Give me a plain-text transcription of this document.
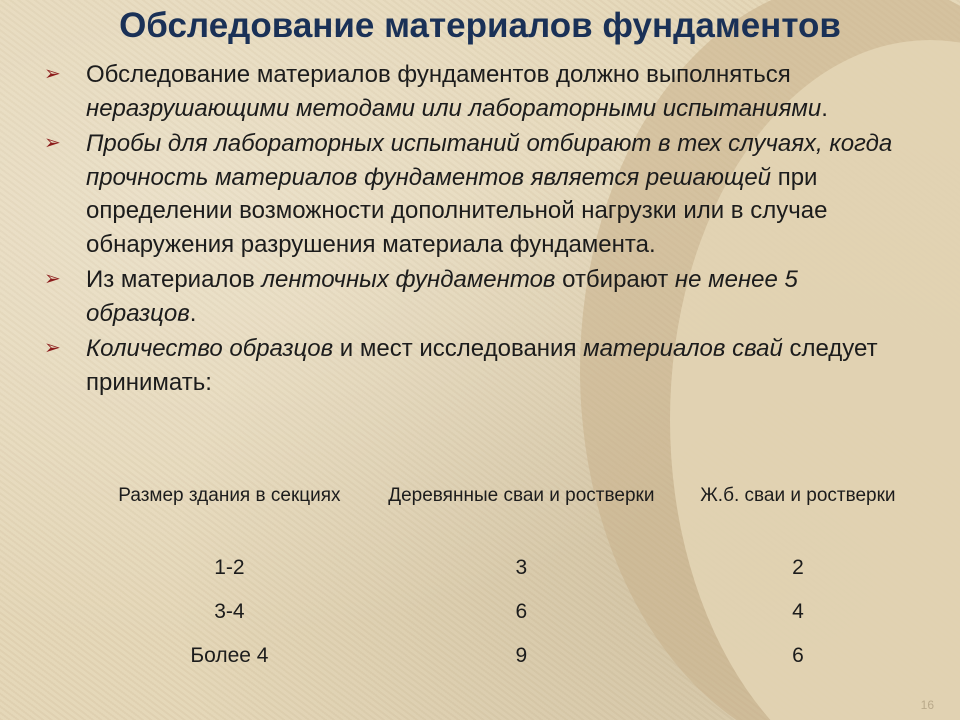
Обследование материалов фундаментов
➢ Обследование материалов фундаментов должно выполняться неразрушающими методами или лабораторными испытаниями.
➢ Пробы для лабораторных испытаний отбирают в тех случаях, когда прочность материалов фундаментов является решающей при определении возможности дополнительной нагрузки или в случае обнаружения разрушения материала фундамента.
➢ Из материалов ленточных фундаментов отбирают не менее 5 образцов.
➢ Количество образцов и мест исследования материалов свай следует принимать:
Размер здания в секциях	Деревянные сваи и ростверки	Ж.б. сваи и ростверки
1-2	3	2
3-4	6	4
Более 4	9	6
16
